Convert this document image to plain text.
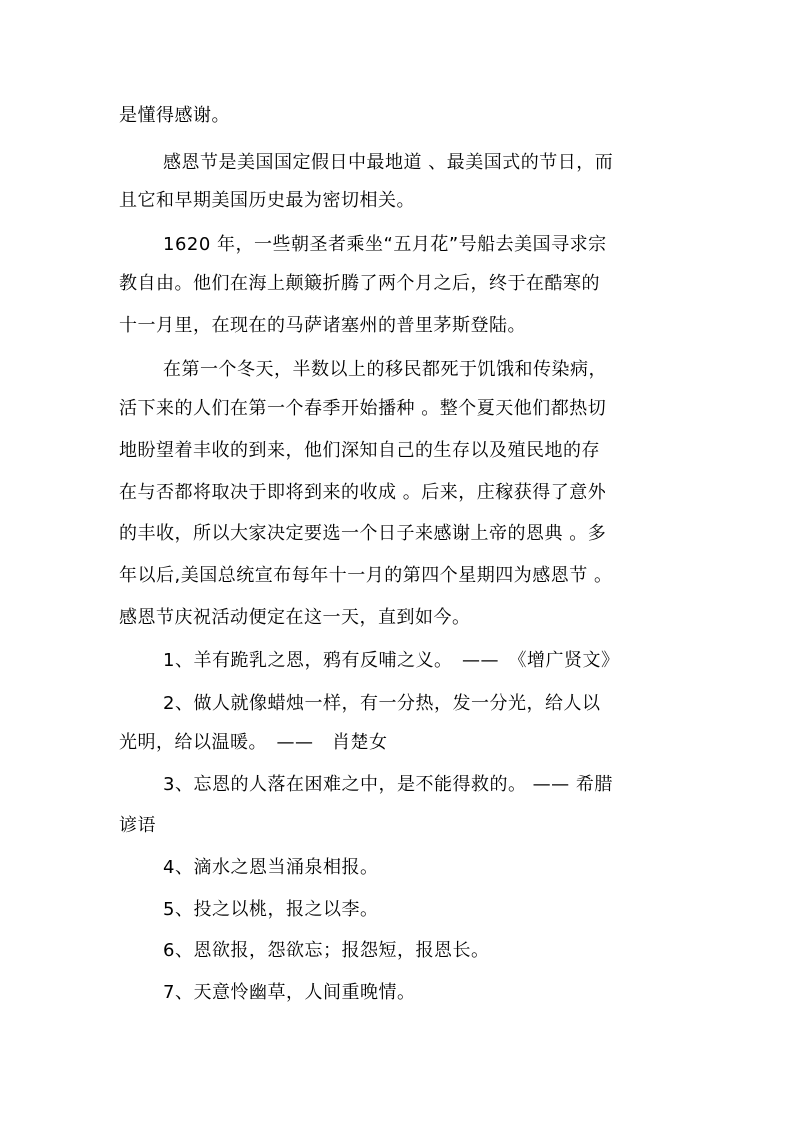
是懂得感谢。
感恩节是美国国定假日中最地道 、最美国式的节日，而
且它和早期美国历史最为密切相关。
1620 年，一些朝圣者乘坐“五月花”号船去美国寻求宗
教自由。他们在海上颠簸折腾了两个月之后，终于在酷寒的
十一月里，在现在的马萨诸塞州的普里茅斯登陆。
在第一个冬天，半数以上的移民都死于饥饿和传染病，
活下来的人们在第一个春季开始播种 。整个夏天他们都热切
地盼望着丰收的到来，他们深知自己的生存以及殖民地的存
在与否都将取决于即将到来的收成 。后来，庄稼获得了意外
的丰收，所以大家决定要选一个日子来感谢上帝的恩典 。多
年以后,美国总统宣布每年十一月的第四个星期四为感恩节 。
感恩节庆祝活动便定在这一天，直到如今。
1、羊有跪乳之恩，鸦有反哺之义。　——　《增广贤文》
2、做人就像蜡烛一样，有一分热，发一分光，给人以
光明，给以温暖。　——　肖楚女
3、忘恩的人落在困难之中，是不能得救的。 —— 希腊
谚语
4、滴水之恩当涌泉相报。
5、投之以桃，报之以李。
6、恩欲报，怨欲忘；报怨短，报恩长。
7、天意怜幽草，人间重晚情。
